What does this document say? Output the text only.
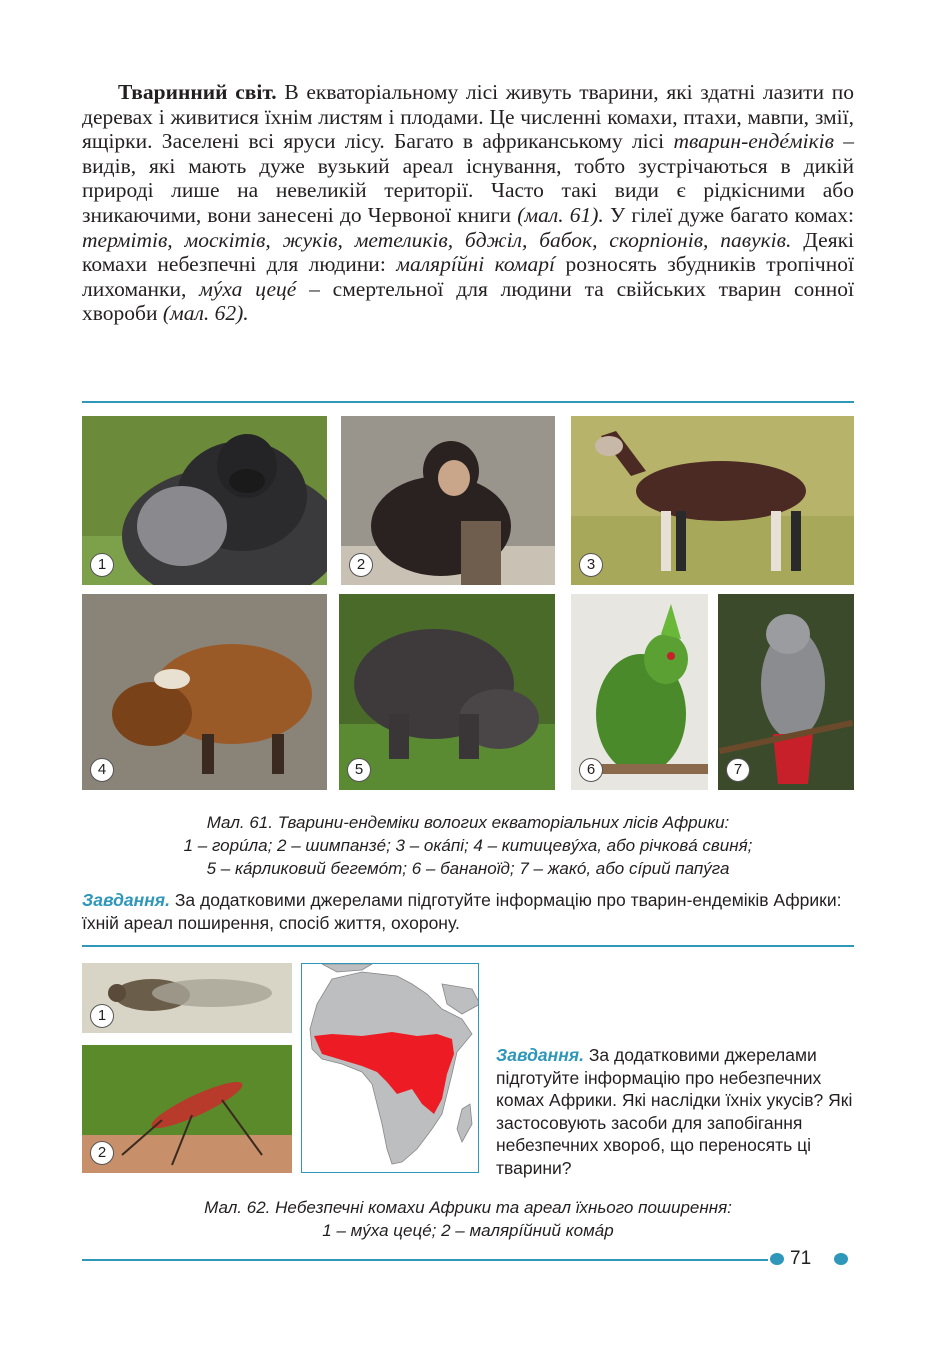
Тваринний світ. В екваторіальному лісі живуть тварини, які здатні лазити по деревах і живитися їхнім листям і плодами. Це численні комахи, птахи, мавпи, змії, ящірки. Заселені всі яруси лісу. Багато в африканському лісі тварин-ендéміків – видів, які мають дуже вузький ареал існування, тобто зустрічаються в дикій природі лише на невеликій території. Часто такі види є рідкісними або зникаючими, вони занесені до Червоної книги (мал. 61). У гілеї дуже багато комах: термітів, москітів, жуків, метеликів, бджіл, бабок, скорпіонів, павуків. Деякі комахи небезпечні для людини: малярíйні комарí розносять збудників тропічної лихоманки, мýха цецé – смертельної для людини та свійських тварин сонної хвороби (мал. 62).

1	2	3
4	5	6	7
Мал. 61. Тварини-ендеміки вологих екваторіальних лісів Африки:
1 – горúла; 2 – шимпанзé; 3 – окáпі; 4 – китицевýха, або річковá свиня́;
5 – кáрликовий бегемóт; 6 – бананоїд; 7 – жакó, або сíрий папýга
Завдання. За додатковими джерелами підготуйте інформацію про тварин-ендеміків Африки: їхній ареал поширення, спосіб життя, охорону.
1
2
Завдання. За додатковими джерелами підготуйте інформацію про небезпечних комах Африки. Які наслідки їхніх укусів? Які застосовують засоби для запобігання небезпечних хвороб, що переносять ці тварини?
Мал. 62. Небезпечні комахи Африки та ареал їхнього поширення:
1 – мýха цецé; 2 – малярíйний комáр
71
